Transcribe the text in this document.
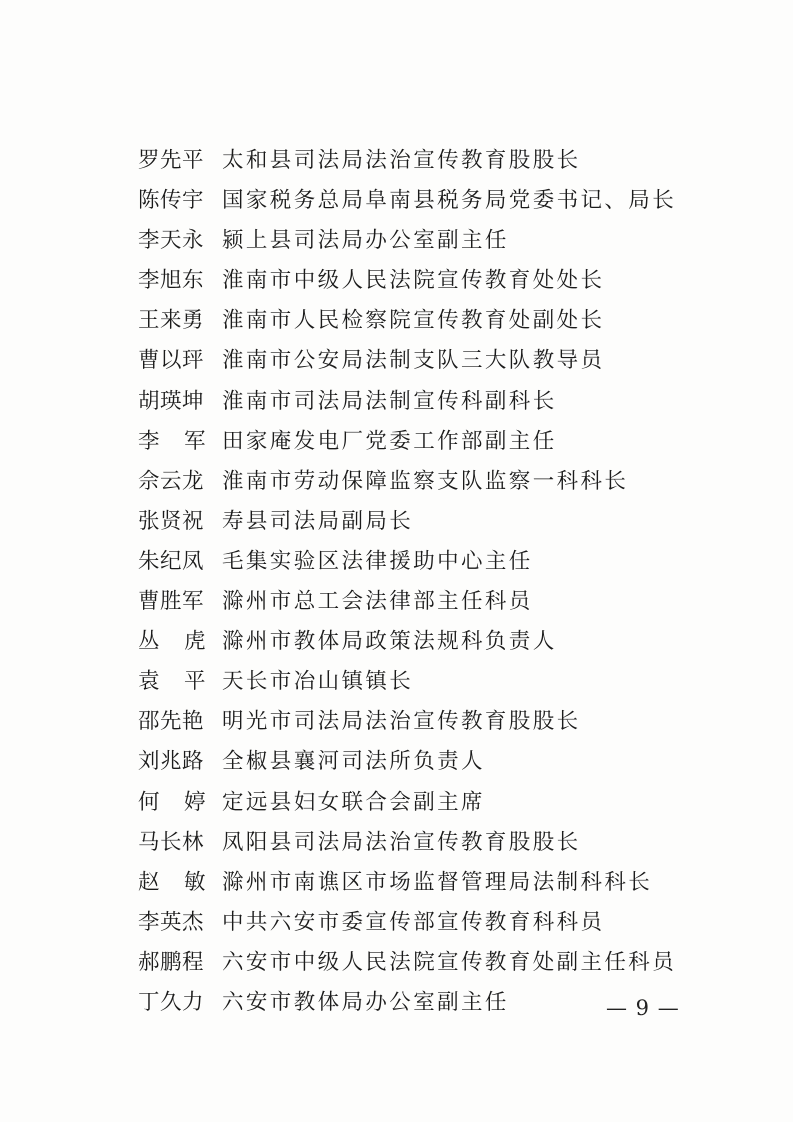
罗先平 太和县司法局法治宣传教育股股长
陈传宇 国家税务总局阜南县税务局党委书记、局长
李天永 颍上县司法局办公室副主任
李旭东 淮南市中级人民法院宣传教育处处长
王来勇 淮南市人民检察院宣传教育处副处长
曹以玶 淮南市公安局法制支队三大队教导员
胡瑛坤 淮南市司法局法制宣传科副科长
李 军 田家庵发电厂党委工作部副主任
佘云龙 淮南市劳动保障监察支队监察一科科长
张贤祝 寿县司法局副局长
朱纪凤 毛集实验区法律援助中心主任
曹胜军 滁州市总工会法律部主任科员
丛 虎 滁州市教体局政策法规科负责人
袁 平 天长市冶山镇镇长
邵先艳 明光市司法局法治宣传教育股股长
刘兆路 全椒县襄河司法所负责人
何 婷 定远县妇女联合会副主席
马长林 凤阳县司法局法治宣传教育股股长
赵 敏 滁州市南谯区市场监督管理局法制科科长
李英杰 中共六安市委宣传部宣传教育科科员
郝鹏程 六安市中级人民法院宣传教育处副主任科员
丁久力 六安市教体局办公室副主任	— 9 —
